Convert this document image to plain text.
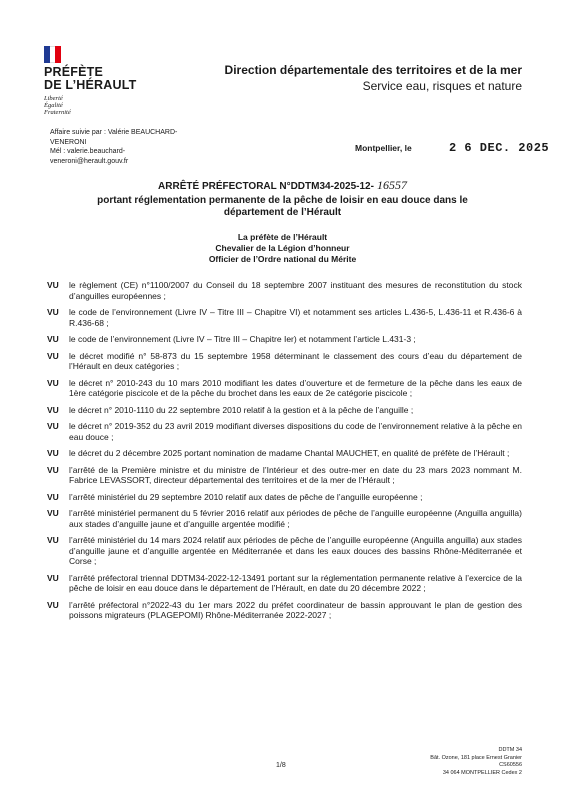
PRÉFÈTE
DE L’HÉRAULT
Liberté
Égalité
Fraternité
Direction départementale des territoires et de la mer
Service eau, risques et nature
Affaire suivie par : Valérie BEAUCHARD-
VENERONI
Mél : valerie.beauchard-
veneroni@herault.gouv.fr
Montpellier, le	2 6 DEC. 2025
ARRÊTÉ PRÉFECTORAL N°DDTM34-2025-12- 16557
portant réglementation permanente de la pêche de loisir en eau douce dans le département de l’Hérault
La préfète de l’Hérault
Chevalier de la Légion d’honneur
Officier de l’Ordre national du Mérite
VU	le règlement (CE) n°1100/2007 du Conseil du 18 septembre 2007 instituant des mesures de reconstitution du stock d’anguilles européennes ;
VU	le code de l’environnement (Livre IV – Titre III – Chapitre VI) et notamment ses articles L.436-5, L.436-11 et R.436-6 à R.436-68 ;
VU	le code de l’environnement (Livre IV – Titre III – Chapitre Ier) et notamment l’article L.431-3 ;
VU	le décret modifié n° 58-873 du 15 septembre 1958 déterminant le classement des cours d’eau du département de l’Hérault en deux catégories ;
VU	le décret n° 2010-243 du 10 mars 2010 modifiant les dates d’ouverture et de fermeture de la pêche dans les eaux de 1ère catégorie piscicole et de la pêche du brochet dans les eaux de 2e catégorie piscicole ;
VU	le décret n° 2010-1110 du 22 septembre 2010 relatif à la gestion et à la pêche de l’anguille ;
VU	le décret n° 2019-352 du 23 avril 2019 modifiant diverses dispositions du code de l’environnement relative à la pêche en eau douce ;
VU	le décret du 2 décembre 2025 portant nomination de madame Chantal MAUCHET, en qualité de préfète de l’Hérault ;
VU	l’arrêté de la Première ministre et du ministre de l’Intérieur et des outre-mer en date du 23 mars 2023 nommant M. Fabrice LEVASSORT, directeur départemental des territoires et de la mer de l’Hérault ;
VU	l’arrêté ministériel du 29 septembre 2010 relatif aux dates de pêche de l’anguille européenne ;
VU	l’arrêté ministériel permanent du 5 février 2016 relatif aux périodes de pêche de l’anguille européenne (Anguilla anguilla) aux stades d’anguille jaune et d’anguille argentée modifié ;
VU	l’arrêté ministériel du 14 mars 2024 relatif aux périodes de pêche de l’anguille européenne (Anguilla anguilla) aux stades d’anguille jaune et d’anguille argentée en Méditerranée et dans les eaux douces des bassins Rhône-Méditerranée et Corse ;
VU	l’arrêté préfectoral triennal DDTM34-2022-12-13491 portant sur la réglementation permanente relative à l’exercice de la pêche de loisir en eau douce dans le département de l’Hérault, en date du 20 décembre 2022 ;
VU	l’arrêté préfectoral n°2022-43 du 1er mars 2022 du préfet coordinateur de bassin approuvant le plan de gestion des poissons migrateurs (PLAGEPOMI) Rhône-Méditerranée 2022-2027 ;
1/8
DDTM 34
Bât. Ozone, 181 place Ernest Granier
CS60556
34 064 MONTPELLIER Cedex 2
